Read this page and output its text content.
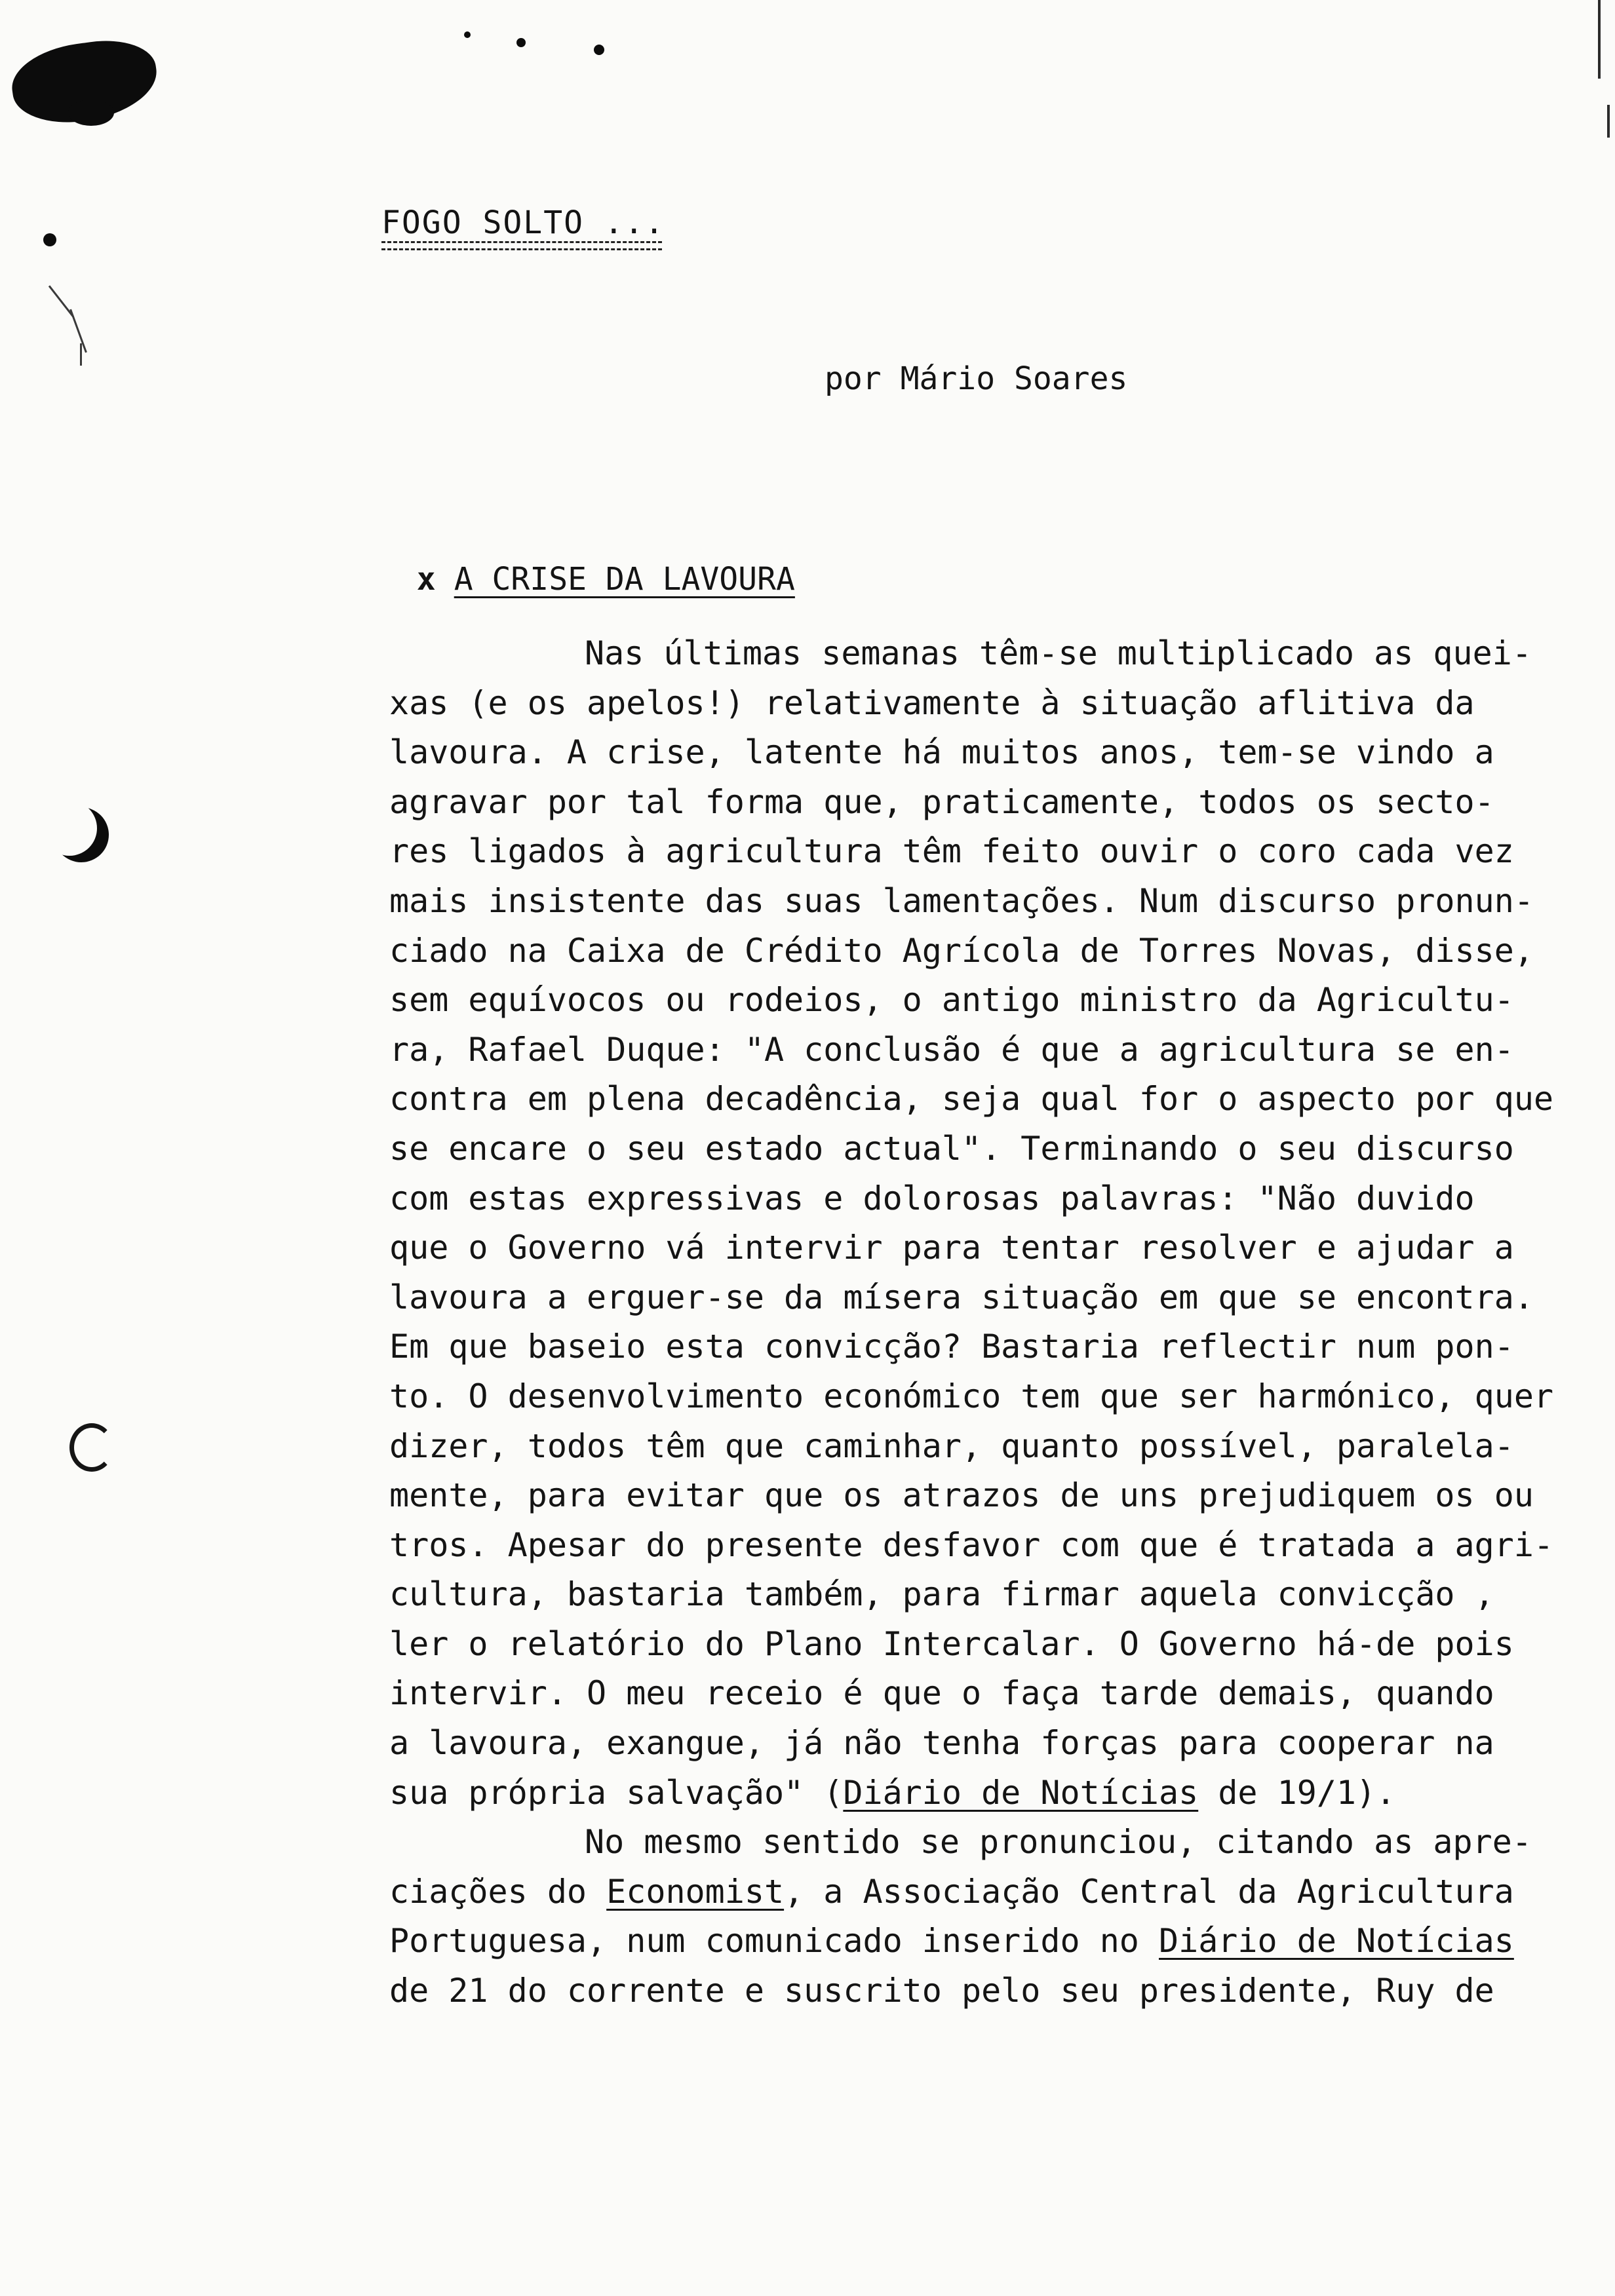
FOGO SOLTO ...
por Mário Soares

x A CRISE DA LAVOURA

Nas últimas semanas têm-se multiplicado as quei-
xas (e os apelos!) relativamente à situação aflitiva da
lavoura. A crise, latente há muitos anos, tem-se vindo a
agravar por tal forma que, praticamente, todos os secto-
res ligados à agricultura têm feito ouvir o coro cada vez
mais insistente das suas lamentações. Num discurso pronun-
ciado na Caixa de Crédito Agrícola de Torres Novas, disse,
sem equívocos ou rodeios, o antigo ministro da Agricultu-
ra, Rafael Duque: "A conclusão é que a agricultura se en-
contra em plena decadência, seja qual for o aspecto por que
se encare o seu estado actual". Terminando o seu discurso
com estas expressivas e dolorosas palavras: "Não duvido
que o Governo vá intervir para tentar resolver e ajudar a
lavoura a erguer-se da mísera situação em que se encontra.
Em que baseio esta convicção? Bastaria reflectir num pon-
to. O desenvolvimento económico tem que ser harmónico, quer
dizer, todos têm que caminhar, quanto possível, paralela-
mente, para evitar que os atrazos de uns prejudiquem os ou
tros. Apesar do presente desfavor com que é tratada a agri-
cultura, bastaria também, para firmar aquela convicção ,
ler o relatório do Plano Intercalar. O Governo há-de pois
intervir. O meu receio é que o faça tarde demais, quando
a lavoura, exangue, já não tenha forças para cooperar na
sua própria salvação" (Diário de Notícias de 19/1).
No mesmo sentido se pronunciou, citando as apre-
ciações do Economist, a Associação Central da Agricultura
Portuguesa, num comunicado inserido no Diário de Notícias
de 21 do corrente e suscrito pelo seu presidente, Ruy de
